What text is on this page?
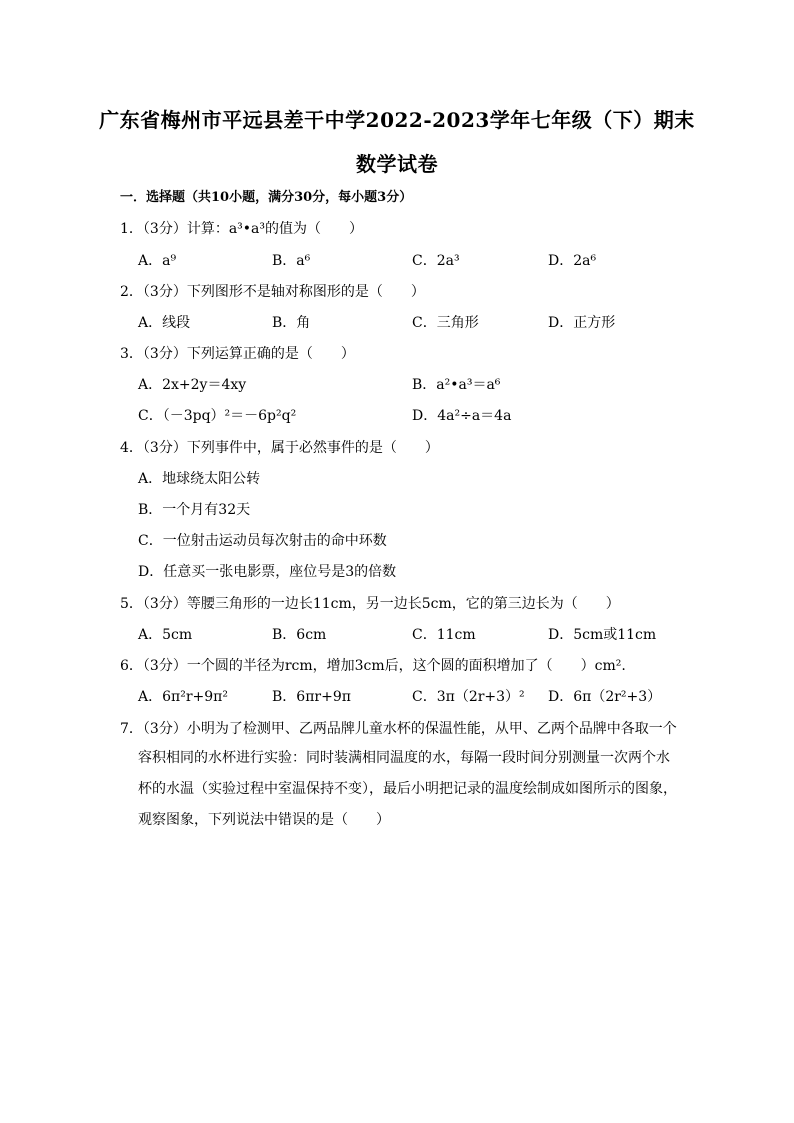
广东省梅州市平远县差干中学2022-2023学年七年级（下）期末
数学试卷
一．选择题（共10小题，满分30分，每小题3分）
1．（3分）计算：a³•a³的值为（　　）
A．a⁹	B．a⁶	C．2a³	D．2a⁶
2．（3分）下列图形不是轴对称图形的是（　　）
A．线段	B．角	C．三角形	D．正方形
3．（3分）下列运算正确的是（　　）
A．2x+2y＝4xy	B．a²•a³＝a⁶
C．（－3pq）²＝－6p²q²	D．4a²÷a＝4a
4．（3分）下列事件中，属于必然事件的是（　　）
A．地球绕太阳公转
B．一个月有32天
C．一位射击运动员每次射击的命中环数
D．任意买一张电影票，座位号是3的倍数
5．（3分）等腰三角形的一边长11cm，另一边长5cm，它的第三边长为（　　）
A．5cm	B．6cm	C．11cm	D．5cm或11cm
6．（3分）一个圆的半径为rcm，增加3cm后，这个圆的面积增加了（　　）cm².
A．6π²r+9π²	B．6πr+9π	C．3π（2r+3）² D．6π（2r²+3）
7．（3分）小明为了检测甲、乙两品牌儿童水杯的保温性能，从甲、乙两个品牌中各取一个
容积相同的水杯进行实验：同时装满相同温度的水，每隔一段时间分别测量一次两个水杯的水温（实验过程中室温保持不变），最后小明把记录的温度绘制成如图所示的图象，观察图象，下列说法中错误的是（　　）
